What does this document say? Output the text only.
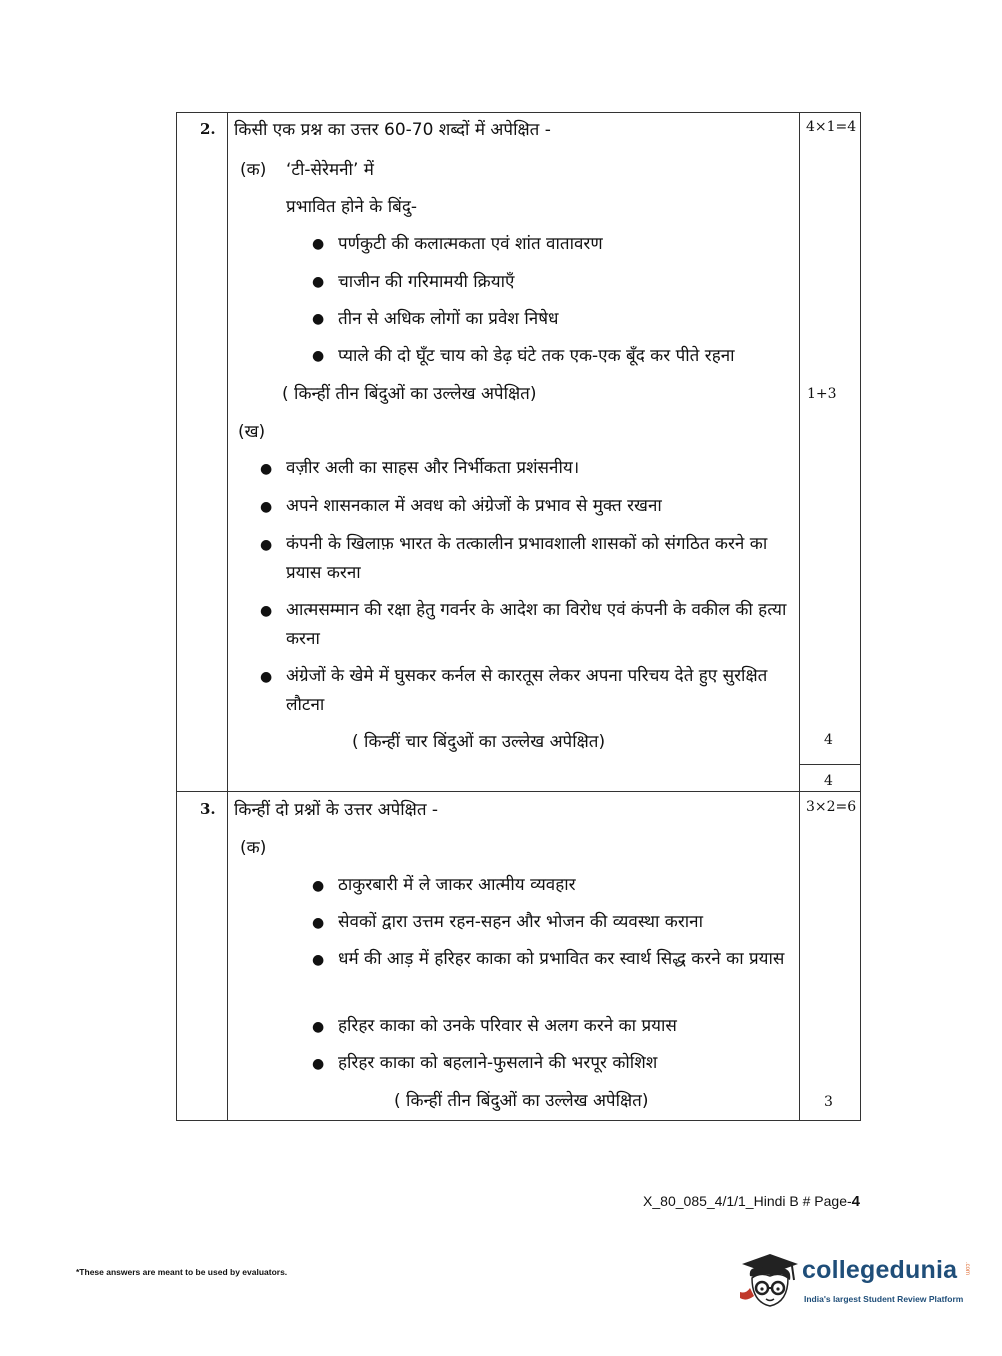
2. किसी एक प्रश्न का उत्तर 60-70 शब्दों में अपेक्षित -	4×1=4
(क) ‘टी-सेरेमनी’ में
प्रभावित होने के बिंदु-
● पर्णकुटी की कलात्मकता एवं शांत वातावरण
● चाजीन की गरिमामयी क्रियाएँ
● तीन से अधिक लोगों का प्रवेश निषेध
● प्याले की दो घूँट चाय को डेढ़ घंटे तक एक-एक बूँद कर पीते रहना
( किन्हीं तीन बिंदुओं का उल्लेख अपेक्षित)	1+3
(ख)
● वज़ीर अली का साहस और निर्भीकता प्रशंसनीय।
● अपने शासनकाल में अवध को अंग्रेजों के प्रभाव से मुक्त रखना
● कंपनी के खिलाफ़ भारत के तत्कालीन प्रभावशाली शासकों को संगठित करने का प्रयास करना
● आत्मसम्मान की रक्षा हेतु गवर्नर के आदेश का विरोध एवं कंपनी के वकील की हत्या करना
● अंग्रेजों के खेमे में घुसकर कर्नल से कारतूस लेकर अपना परिचय देते हुए सुरक्षित लौटना
( किन्हीं चार बिंदुओं का उल्लेख अपेक्षित)	4
4
3. किन्हीं दो प्रश्नों के उत्तर अपेक्षित -	3×2=6
(क)
● ठाकुरबारी में ले जाकर आत्मीय व्यवहार
● सेवकों द्वारा उत्तम रहन-सहन और भोजन की व्यवस्था कराना
● धर्म की आड़ में हरिहर काका को प्रभावित कर स्वार्थ सिद्ध करने का प्रयास
● हरिहर काका को उनके परिवार से अलग करने का प्रयास
● हरिहर काका को बहलाने-फुसलाने की भरपूर कोशिश
( किन्हीं तीन बिंदुओं का उल्लेख अपेक्षित)	3
X_80_085_4/1/1_Hindi B # Page-4
*These answers are meant to be used by evaluators.	collegedunia .com
India's largest Student Review Platform
